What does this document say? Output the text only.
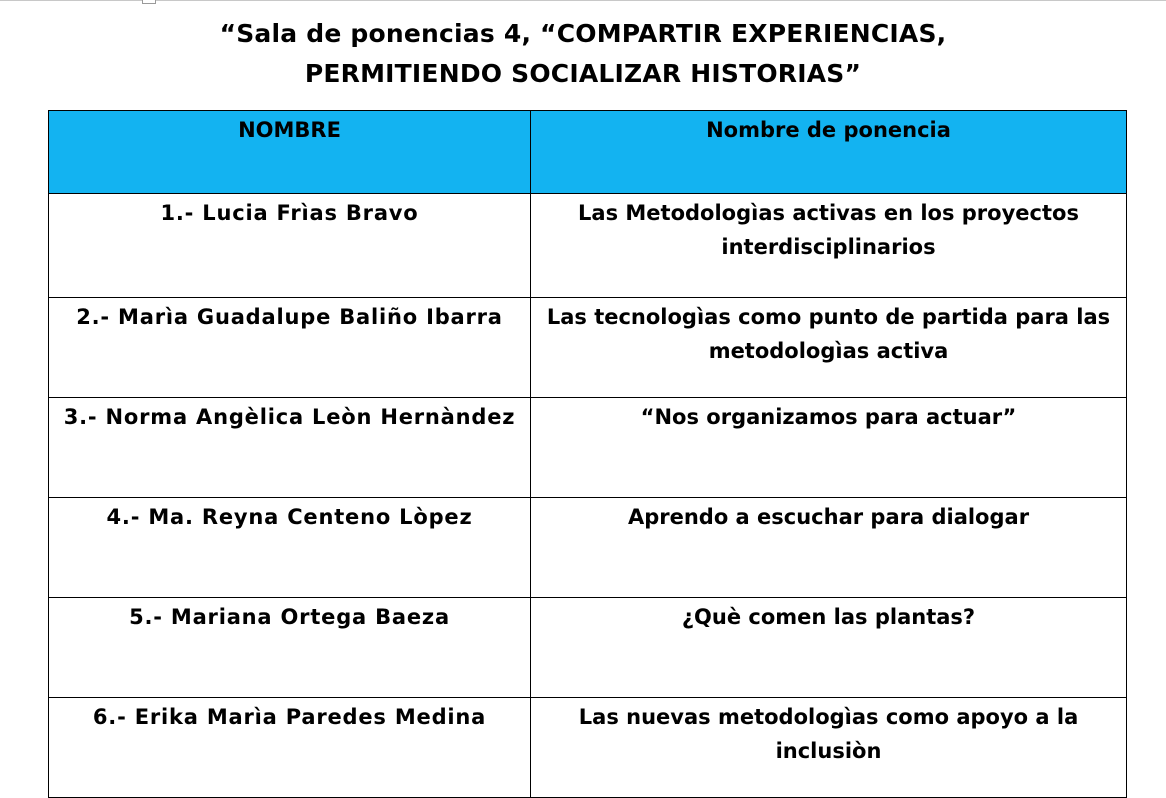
“Sala de ponencias 4, “COMPARTIR EXPERIENCIAS,
PERMITIENDO SOCIALIZAR HISTORIAS”
NOMBRE	Nombre de ponencia
1.- Lucia Frìas Bravo	Las Metodologìas activas en los proyectos interdisciplinarios
2.- Marìa Guadalupe Baliño Ibarra	Las tecnologìas como punto de partida para las metodologìas activa
3.- Norma Angèlica Leòn Hernàndez	“Nos organizamos para actuar”
4.- Ma. Reyna Centeno Lòpez	Aprendo a escuchar para dialogar
5.- Mariana Ortega Baeza	¿Què comen las plantas?
6.- Erika Marìa Paredes Medina	Las nuevas metodologìas como apoyo a la inclusiòn
